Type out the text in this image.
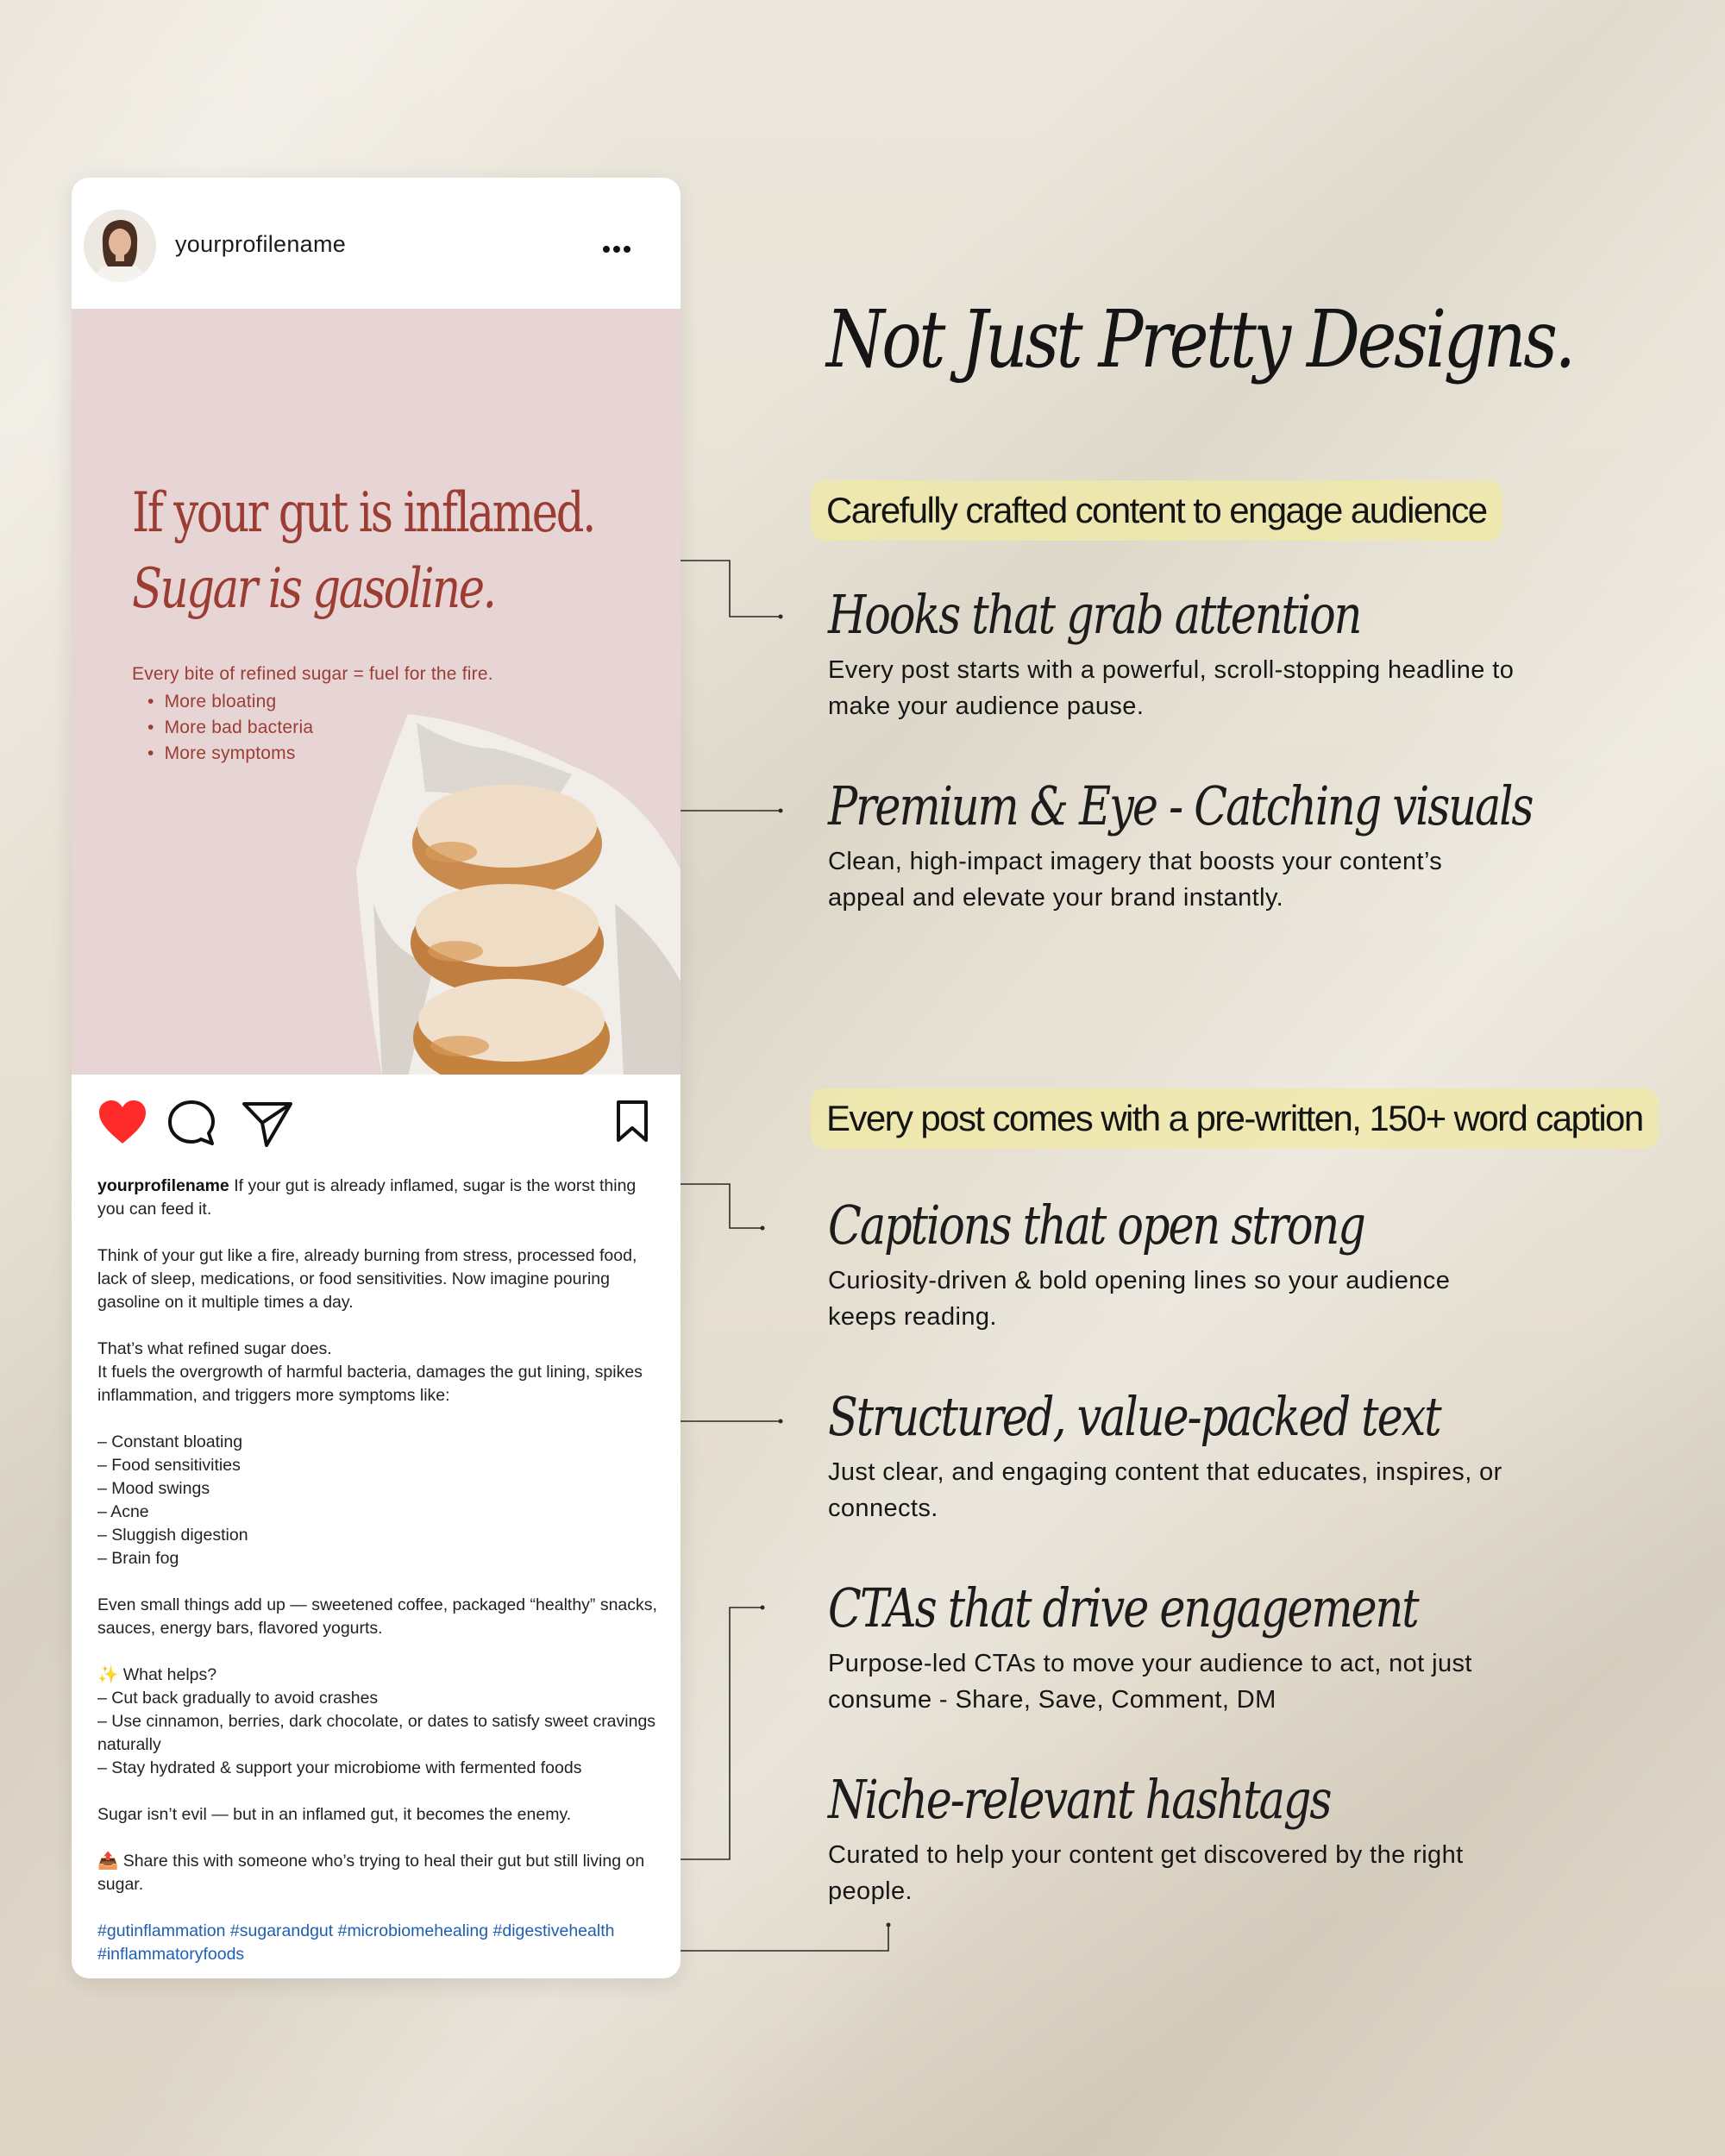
yourprofilename
If your gut is inflamed.
Sugar is gasoline.
Every bite of refined sugar = fuel for the fire.
• More bloating
• More bad bacteria
• More symptoms

yourprofilename If your gut is already inflamed, sugar is the worst thing you can feed it.

Think of your gut like a fire, already burning from stress, processed food, lack of sleep, medications, or food sensitivities. Now imagine pouring gasoline on it multiple times a day.

That’s what refined sugar does.
It fuels the overgrowth of harmful bacteria, damages the gut lining, spikes inflammation, and triggers more symptoms like:

– Constant bloating
– Food sensitivities
– Mood swings
– Acne
– Sluggish digestion
– Brain fog

Even small things add up — sweetened coffee, packaged “healthy” snacks, sauces, energy bars, flavored yogurts.

✨ What helps?
– Cut back gradually to avoid crashes
– Use cinnamon, berries, dark chocolate, or dates to satisfy sweet cravings naturally
– Stay hydrated & support your microbiome with fermented foods

Sugar isn’t evil — but in an inflamed gut, it becomes the enemy.

📤 Share this with someone who’s trying to heal their gut but still living on sugar.

#gutinflammation #sugarandgut #microbiomehealing #digestivehealth #inflammatoryfoods

Not Just Pretty Designs.
Carefully crafted content to engage audience
Hooks that grab attention
Every post starts with a powerful, scroll-stopping headline to make your audience pause.
Premium & Eye - Catching visuals
Clean, high-impact imagery that boosts your content’s appeal and elevate your brand instantly.
Every post comes with a pre-written, 150+ word caption
Captions that open strong
Curiosity-driven & bold opening lines so your audience keeps reading.
Structured, value-packed text
Just clear, and engaging content that educates, inspires, or connects.
CTAs that drive engagement
Purpose-led CTAs to move your audience to act, not just consume - Share, Save, Comment, DM
Niche-relevant hashtags
Curated to help your content get discovered by the right people.
